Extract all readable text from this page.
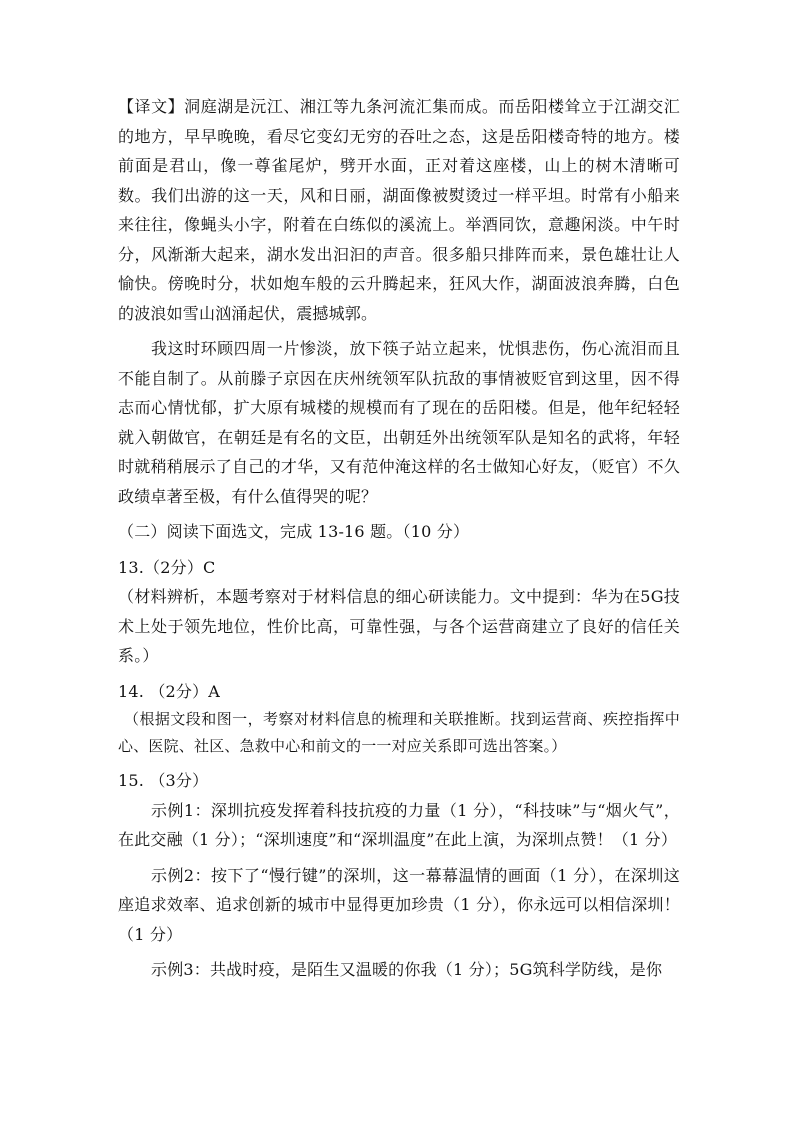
【译文】洞庭湖是沅江、湘江等九条河流汇集而成。而岳阳楼耸立于江湖交汇的地方，早早晚晚，看尽它变幻无穷的吞吐之态，这是岳阳楼奇特的地方。楼前面是君山，像一尊雀尾炉，劈开水面，正对着这座楼，山上的树木清晰可数。我们出游的这一天，风和日丽，湖面像被熨烫过一样平坦。时常有小船来来往往，像蝇头小字，附着在白练似的溪流上。举酒同饮，意趣闲淡。中午时分，风渐渐大起来，湖水发出汩汩的声音。很多船只排阵而来，景色雄壮让人愉快。傍晚时分，状如炮车般的云升腾起来，狂风大作，湖面波浪奔腾，白色的波浪如雪山汹涌起伏，震撼城郭。

我这时环顾四周一片惨淡，放下筷子站立起来，忧惧悲伤，伤心流泪而且不能自制了。从前滕子京因在庆州统领军队抗敌的事情被贬官到这里，因不得志而心情忧郁，扩大原有城楼的规模而有了现在的岳阳楼。但是，他年纪轻轻就入朝做官，在朝廷是有名的文臣，出朝廷外出统领军队是知名的武将，年轻时就稍稍展示了自己的才华，又有范仲淹这样的名士做知心好友，（贬官）不久政绩卓著至极，有什么值得哭的呢？

（二）阅读下面选文，完成 13-16 题。（10 分）

13.（2分）C

（材料辨析，本题考察对于材料信息的细心研读能力。文中提到：华为在5G技术上处于领先地位，性价比高，可靠性强，与各个运营商建立了良好的信任关系。）

14. （2分）A

（根据文段和图一，考察对材料信息的梳理和关联推断。找到运营商、疾控指挥中心、医院、社区、急救中心和前文的一一对应关系即可选出答案。）

15. （3分）

示例1：深圳抗疫发挥着科技抗疫的力量（1 分），“科技味”与“烟火气”，在此交融（1 分）；“深圳速度”和“深圳温度”在此上演，为深圳点赞！（1 分）

示例2：按下了“慢行键”的深圳，这一幕幕温情的画面（1 分），在深圳这座追求效率、追求创新的城市中显得更加珍贵（1 分），你永远可以相信深圳！（1 分）

示例3：共战时疫，是陌生又温暖的你我（1 分）；5G筑科学防线，是你
